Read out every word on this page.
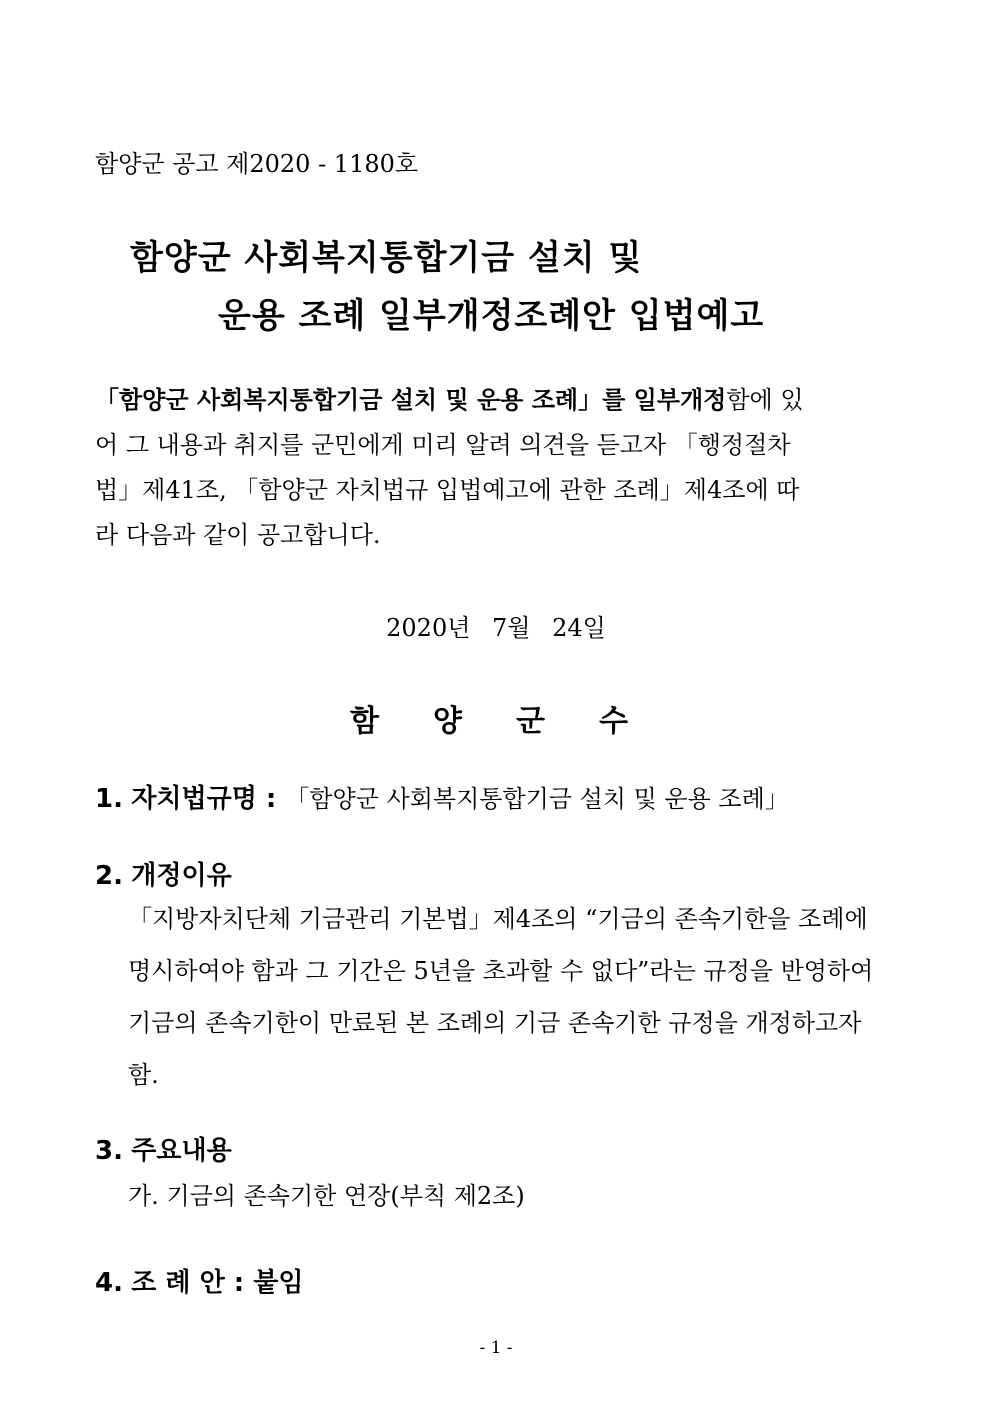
함양군 공고 제2020 - 1180호
함양군 사회복지통합기금 설치 및
운용 조례 일부개정조례안 입법예고
「함양군 사회복지통합기금 설치 및 운용 조례」를 일부개정함에 있
어 그 내용과 취지를 군민에게 미리 알려 의견을 듣고자 「행정절차
법」제41조, 「함양군 자치법규 입법예고에 관한 조례」제4조에 따
라 다음과 같이 공고합니다.
2020년 7월 24일
함양군수
1. 자치법규명 : 「함양군 사회복지통합기금 설치 및 운용 조례」
2. 개정이유
「지방자치단체 기금관리 기본법」제4조의 “기금의 존속기한을 조례에
명시하여야 함과 그 기간은 5년을 초과할 수 없다”라는 규정을 반영하여
기금의 존속기한이 만료된 본 조례의 기금 존속기한 규정을 개정하고자
함.
3. 주요내용
가. 기금의 존속기한 연장(부칙 제2조)
4. 조 례 안 : 붙임
- 1 -
